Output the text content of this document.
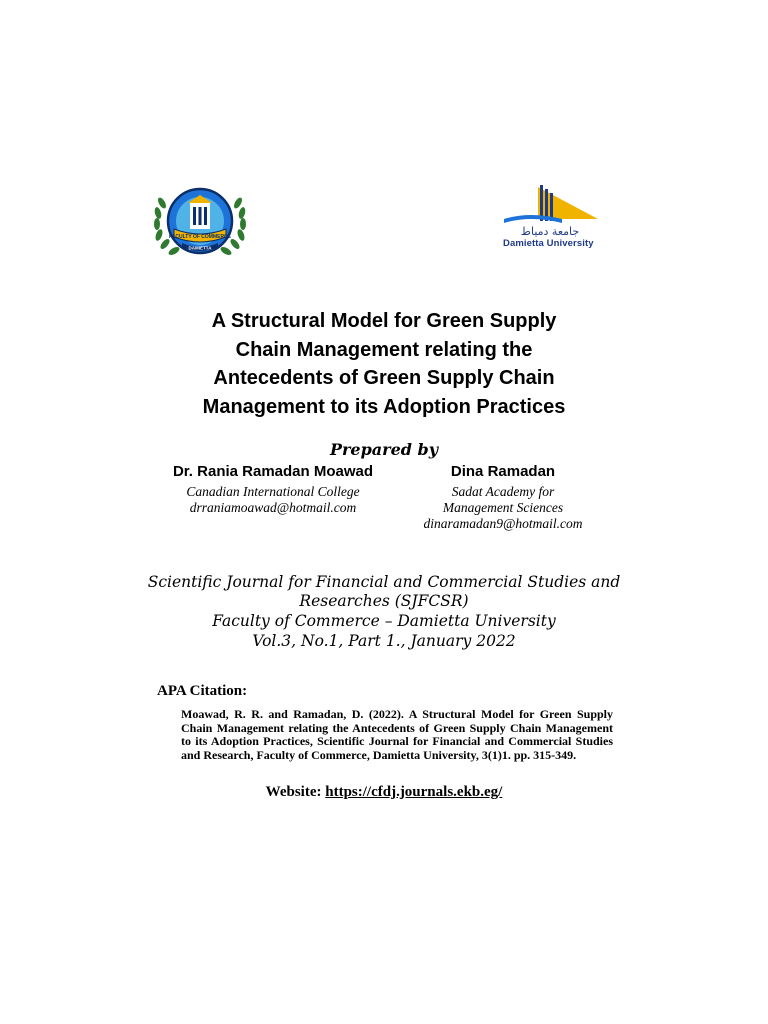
FACULTY OF COMMERCE
DAMIETTA
جامعة دمياط
Damietta University
A Structural Model for Green Supply
Chain Management relating the
Antecedents of Green Supply Chain
Management to its Adoption Practices
Prepared by
Dr. Rania Ramadan Moawad
Canadian International College
drraniamoawad@hotmail.com
Dina Ramadan
Sadat Academy for
Management Sciences
dinaramadan9@hotmail.com
Scientific Journal for Financial and Commercial Studies and
Researches (SJFCSR)
Faculty of Commerce – Damietta University
Vol.3, No.1, Part 1., January 2022
APA Citation:
Moawad, R. R. and Ramadan, D. (2022). A Structural Model for Green Supply Chain Management relating the Antecedents of Green Supply Chain Management to its Adoption Practices, Scientific Journal for Financial and Commercial Studies and Research, Faculty of Commerce, Damietta University, 3(1)1. pp. 315-349.
Website: https://cfdj.journals.ekb.eg/
